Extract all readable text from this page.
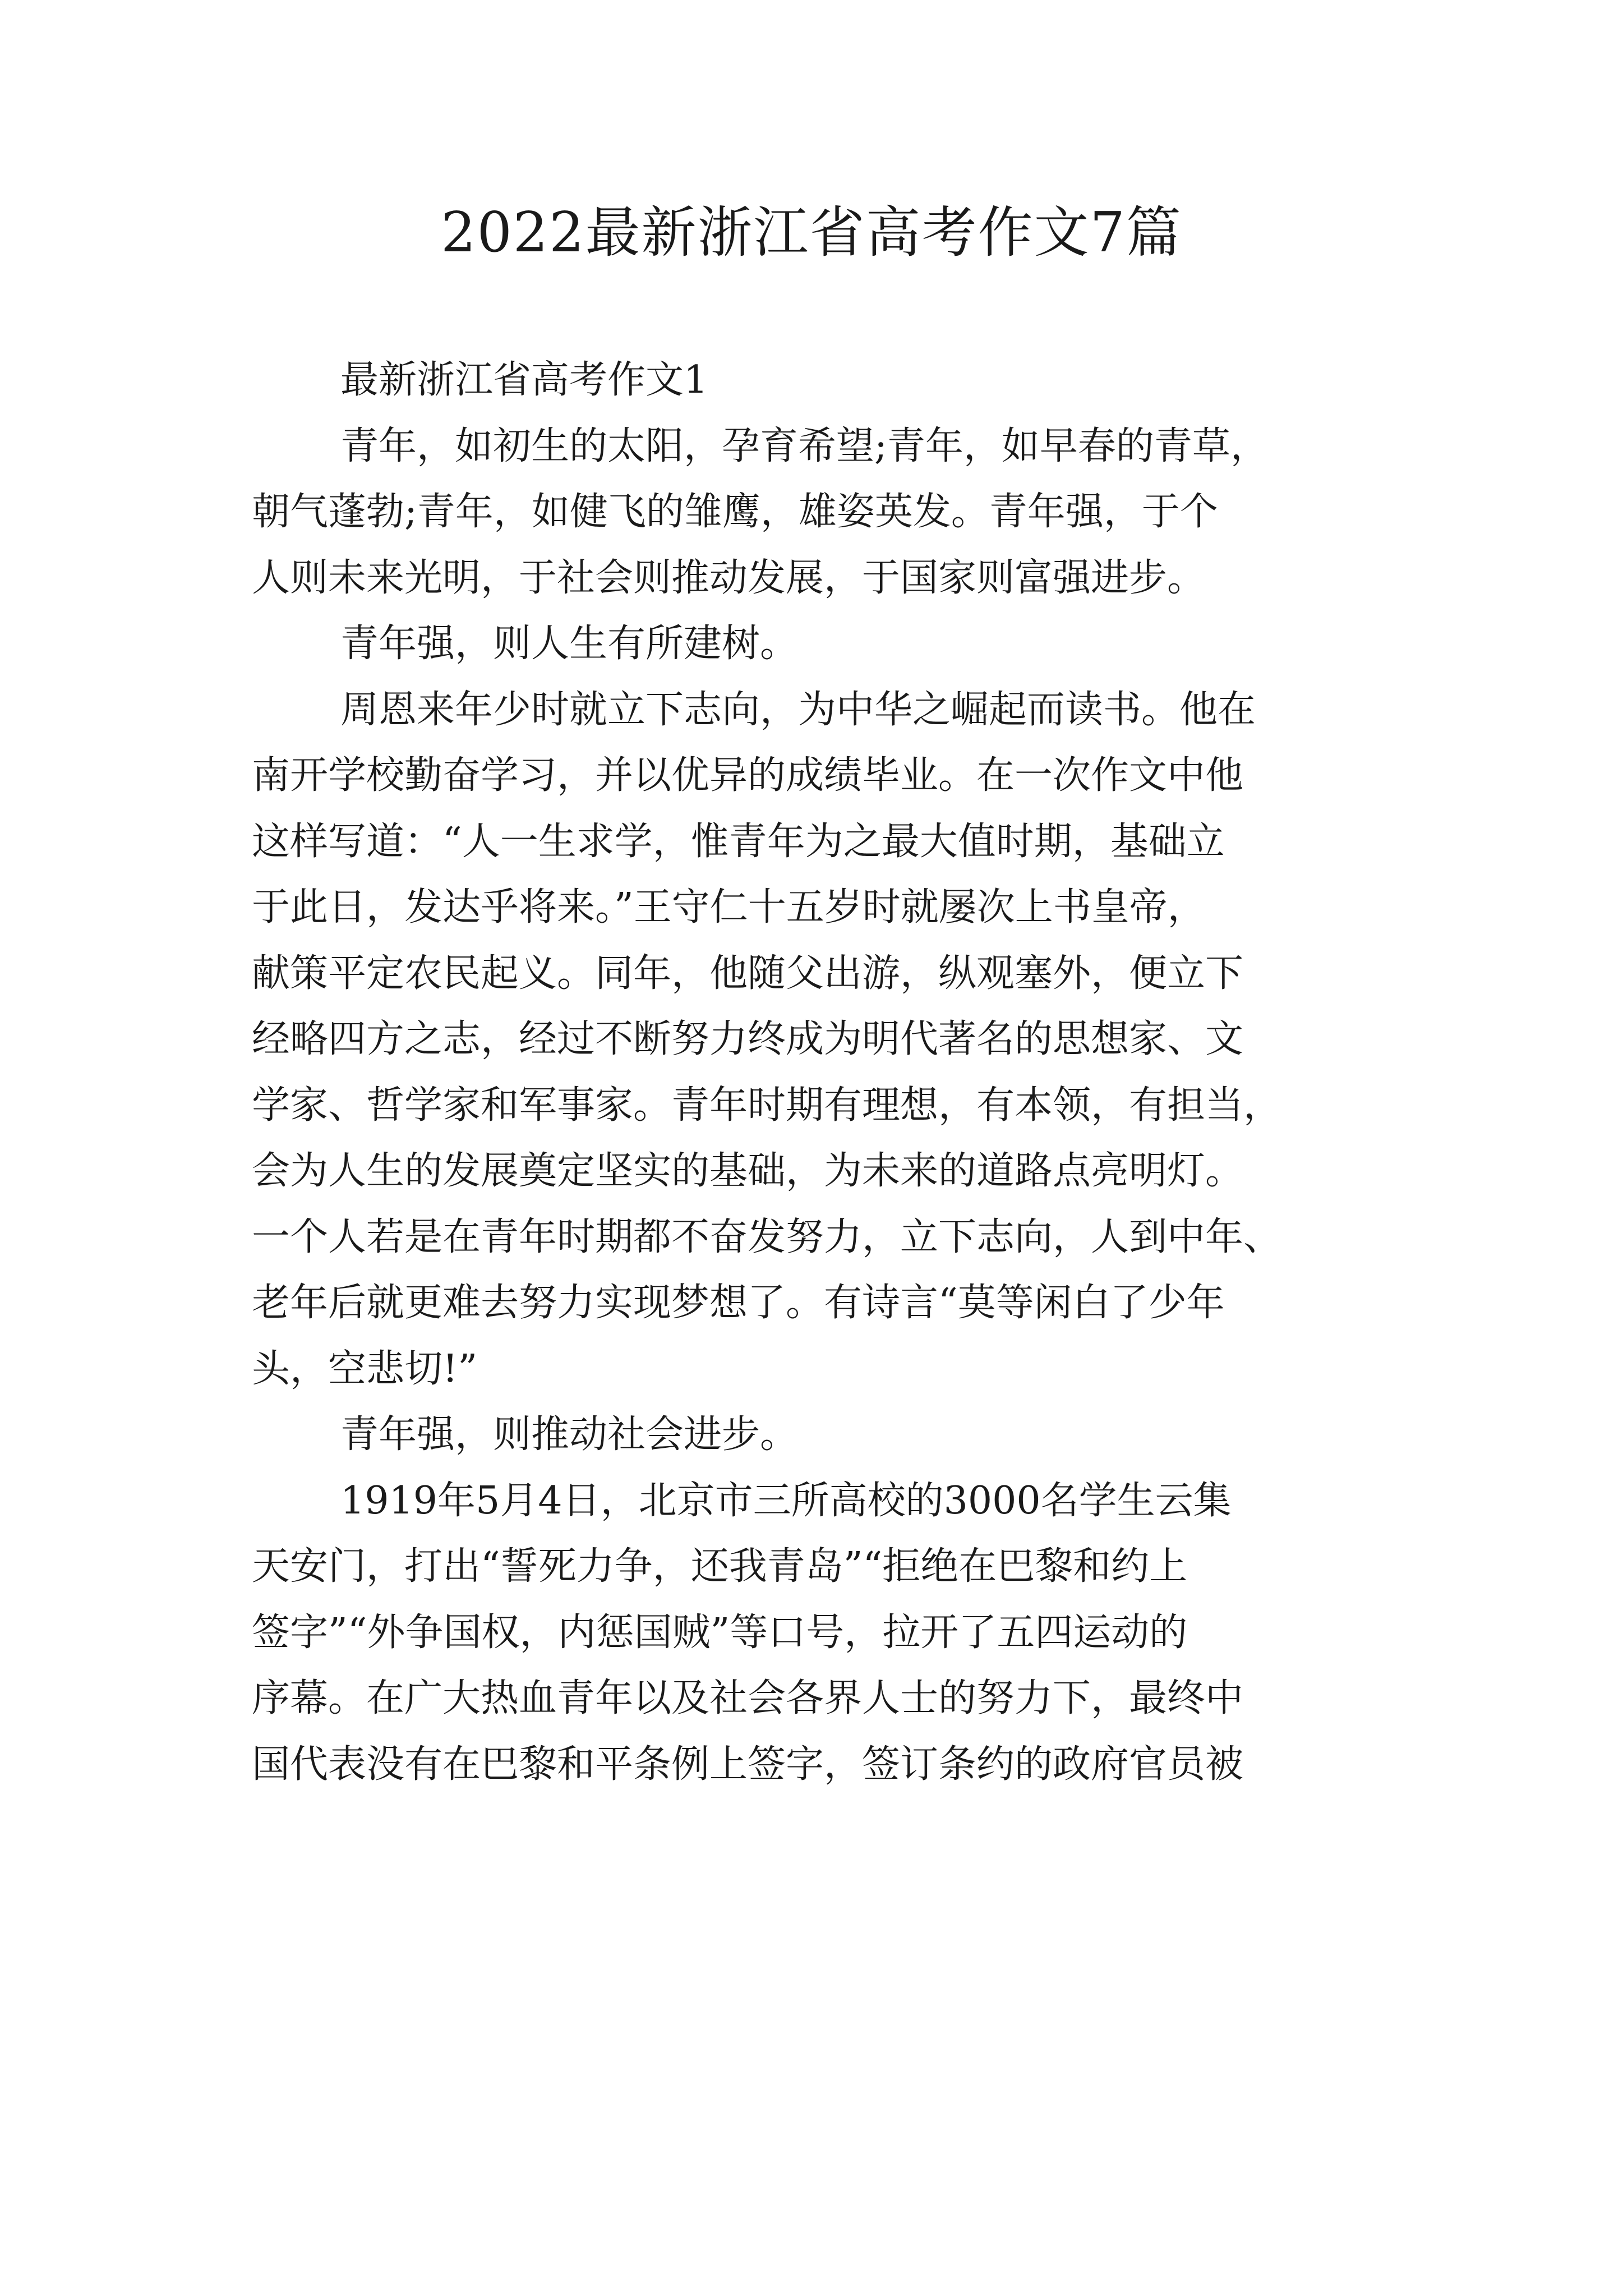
2022最新浙江省高考作文7篇
最新浙江省高考作文1
青年，如初生的太阳，孕育希望;青年，如早春的青草，
朝气蓬勃;青年，如健飞的雏鹰，雄姿英发。青年强，于个
人则未来光明，于社会则推动发展，于国家则富强进步。
青年强，则人生有所建树。
周恩来年少时就立下志向，为中华之崛起而读书。他在
南开学校勤奋学习，并以优异的成绩毕业。在一次作文中他
这样写道：“人一生求学，惟青年为之最大值时期，基础立
于此日，发达乎将来。”王守仁十五岁时就屡次上书皇帝，
献策平定农民起义。同年，他随父出游，纵观塞外，便立下
经略四方之志，经过不断努力终成为明代著名的思想家、文
学家、哲学家和军事家。青年时期有理想，有本领，有担当，
会为人生的发展奠定坚实的基础，为未来的道路点亮明灯。
一个人若是在青年时期都不奋发努力，立下志向，人到中年、
老年后就更难去努力实现梦想了。有诗言“莫等闲白了少年
头，空悲切!”
青年强，则推动社会进步。
1919年5月4日，北京市三所高校的3000名学生云集
天安门，打出“誓死力争，还我青岛”“拒绝在巴黎和约上
签字”“外争国权，内惩国贼”等口号，拉开了五四运动的
序幕。在广大热血青年以及社会各界人士的努力下，最终中
国代表没有在巴黎和平条例上签字，签订条约的政府官员被
